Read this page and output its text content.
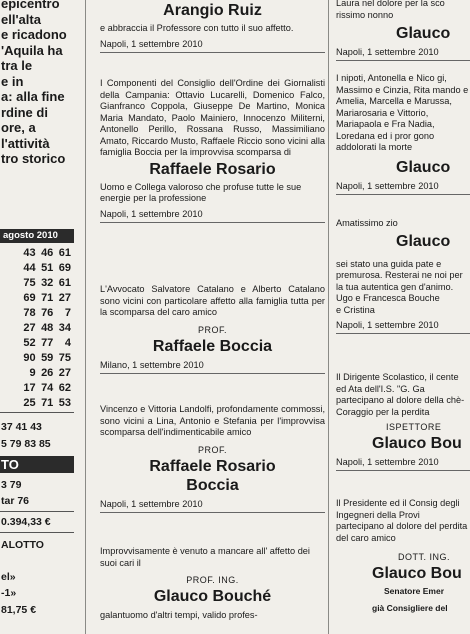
epicentro

ell'alta

e ricadono

'Aquila ha

tra le

e in

a: alla fine

rdine di

ore, a

l'attività

tro storico

agosto 2010
	43	46	61
	44	51	69
	75	32	61
	69	71	27
	78	76	7
	27	48	34
	52	77	4
	90	59	75
	9	26	27
	17	74	62
	25	71	53
37 41 43
5 79 83 85
TO
3 79
tar 76
0.394,33 €
ALOTTO
el»
-1»
81,75 €

Arangio Ruiz

e abbraccia il Professore con tutto il suo affetto.

Napoli, 1 settembre 2010

I Componenti del Consiglio dell'Ordine dei Giornalisti della Campania: Ottavio Lucarelli, Domenico Falco, Gianfranco Coppola, Giuseppe De Martino, Monica Maria Mandato, Paolo Mainiero, Innocenzo Militerni, Antonello Perillo, Rossana Russo, Massimiliano Amato, Riccardo Musto, Raffaele Riccio sono vicini alla famiglia Boccia per la improvvisa scomparsa di

Raffaele Rosario

Uomo e Collega valoroso che profuse tutte le sue energie per la professione

Napoli, 1 settembre 2010

L'Avvocato Salvatore Catalano e Alberto Catalano sono vicini con particolare affetto alla famiglia tutta per la scomparsa del caro amico

PROF.

Raffaele Boccia

Milano, 1 settembre 2010

Vincenzo e Vittoria Landolfi, profondamente commossi, sono vicini a Lina, Antonio e Stefania per l'improvvisa scomparsa dell'indimenticabile amico

PROF.

Raffaele Rosario

Boccia

Napoli, 1 settembre 2010

Improvvisamente è venuto a mancare all' affetto dei suoi cari il

PROF. ING.

Glauco Bouché

galantuomo d'altri tempi, valido profes-

Laura nel dolore per la sco rissimo nonno

Glauco

Napoli, 1 settembre 2010

I nipoti, Antonella e Nico gi, Massimo e Cinzia, Rita mando e Amelia, Marcella e Marussa, Mariarosaria e Vittorio, Mariapaola e Fra Nadia, Loredana ed i pror gono addolorati la morte

Glauco

Napoli, 1 settembre 2010

Amatissimo zio

Glauco

sei stato una guida pate e premurosa. Resterai ne noi per la tua autentica gen d'animo.

Ugo e Francesca Bouche

e Cristina

Napoli, 1 settembre 2010

Il Dirigente Scolastico, il cente ed Ata dell'I.S. "G. Ga partecipano al dolore della chè-Coraggio per la perdita

ISPETTORE

Glauco Bou

Napoli, 1 settembre 2010

Il Presidente ed il Consig degli Ingegneri della Provi partecipano al dolore del perdita del caro amico

DOTT. ING.

Glauco Bou

Senatore Emer

già Consigliere del
